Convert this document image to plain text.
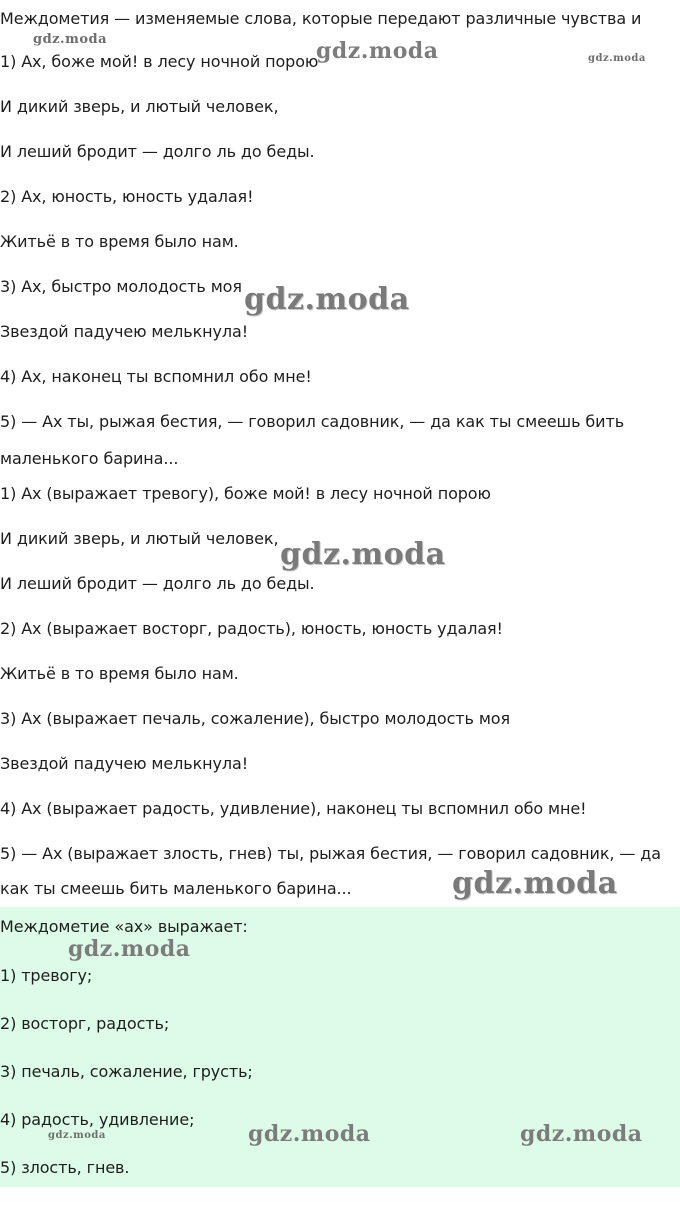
Междометия — изменяемые слова, которые передают различные чувства и
1) Ах, боже мой! в лесу ночной порою
И дикий зверь, и лютый человек,
И леший бродит — долго ль до беды.
2) Ах, юность, юность удалая!
Житьё в то время было нам.
3) Ах, быстро молодость моя
Звездой падучею мелькнула!
4) Ах, наконец ты вспомнил обо мне!
5) — Ах ты, рыжая бестия, — говорил садовник, — да как ты смеешь бить
маленького барина...
1) Ах (выражает тревогу), боже мой! в лесу ночной порою
И дикий зверь, и лютый человек,
И леший бродит — долго ль до беды.
2) Ах (выражает восторг, радость), юность, юность удалая!
Житьё в то время было нам.
3) Ах (выражает печаль, сожаление), быстро молодость моя
Звездой падучею мелькнула!
4) Ах (выражает радость, удивление), наконец ты вспомнил обо мне!
5) — Ах (выражает злость, гнев) ты, рыжая бестия, — говорил садовник, — да
как ты смеешь бить маленького барина...
Междометие «ах» выражает:
1) тревогу;
2) восторг, радость;
3) печаль, сожаление, грусть;
4) радость, удивление;
5) злость, гнев.
gdz.moda	gdz.moda	gdz.moda
gdz.moda
gdz.moda
gdz.moda
gdz.moda
gdz.moda	gdz.moda
gdz.moda
